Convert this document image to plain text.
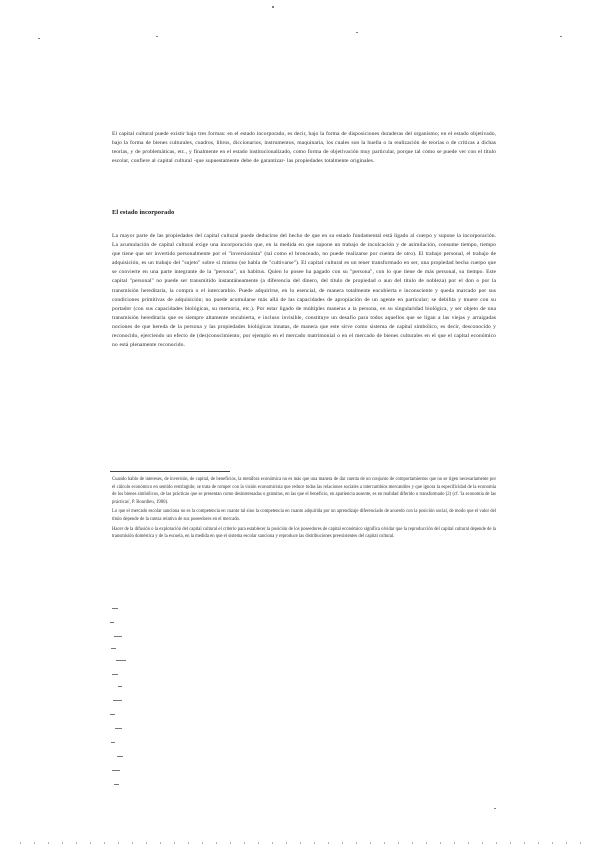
El capital cultural puede existir bajo tres formas: en el estado incorporado, es decir, bajo la forma de disposiciones duraderas del organismo; en el estado objetivado, bajo la forma de bienes culturales, cuadros, libros, diccionarios, instrumentos, maquinaria, los cuales son la huella o la realización de teorías o de críticas a dichas teorías, y de problemáticas, etc., y finalmente en el estado institucionalizado, como forma de objetivación muy particular, porque tal como se puede ver con el título escolar, confiere al capital cultural -que supuestamente debe de garantizar- las propiedades totalmente originales.

El estado incorporado

La mayor parte de las propiedades del capital cultural puede deducirse del hecho de que en su estado fundamental está ligado al cuerpo y supone la incorporación. La acumulación de capital cultural exige una incorporación que, en la medida en que supone un trabajo de inculcación y de asimilación, consume tiempo, tiempo que tiene que ser invertido personalmente por el "inversionista" (tal como el bronceado, no puede realizarse por cuenta de otro). El trabajo personal, el trabajo de adquisición, es un trabajo del "sujeto" sobre sí mismo (se habla de "cultivarse"). El capital cultural es un tener transformado en ser, una propiedad hecha cuerpo que se convierte en una parte integrante de la "persona", un habitus. Quien lo posee ha pagado con su "persona", con lo que tiene de más personal, su tiempo. Este capital "personal" no puede ser transmitido instantáneamente (a diferencia del dinero, del título de propiedad o aun del título de nobleza) por el don o por la transmisión hereditaria, la compra o el intercambio. Puede adquirirse, en lo esencial, de manera totalmente encubierta e inconsciente y queda marcado por sus condiciones primitivas de adquisición; no puede acumularse más allá de las capacidades de apropiación de un agente en particular; se debilita y muere con su portador (con sus capacidades biológicas, su memoria, etc.). Por estar ligado de múltiples maneras a la persona, en su singularidad biológica, y ser objeto de una transmisión hereditaria que es siempre altamente encubierta, e incluso invisible, constituye un desafío para todos aquellos que se ligan a las viejas y arraigadas nociones de que hereda de la persona y las propiedades biológicas innatas, de manera que este sirve como sistema de capital simbólico, es decir, desconocido y reconocido, ejerciendo un efecto de (des)conocimiento, por ejemplo en el mercado matrimonial o en el mercado de bienes culturales en el que el capital económico no está plenamente reconocido.

Cuando hablo de intereses, de inversión, de capital, de beneficios, la metáfora económica no es más que una manera de dar cuenta de un conjunto de comportamientos que no se rigen necesariamente por el cálculo económico en sentido restringido; se trata de romper con la visión economicista que reduce todas las relaciones sociales a intercambios mercantiles y que ignora la especificidad de la economía de los bienes simbólicos, de las prácticas que se presentan como desinteresadas o gratuitas, en las que el beneficio, en apariencia ausente, es en realidad diferido o transformado (2) (cf. 'la economía de las prácticas', P. Bourdieu, 1980).

Lo que el mercado escolar sanciona no es la competencia en cuanto tal sino la competencia en cuanto adquirida por un aprendizaje diferenciado de acuerdo con la posición social, de modo que el valor del título depende de la rareza relativa de sus poseedores en el mercado.

Hacer de la difusión o la explotación del capital cultural el criterio para establecer la posición de los poseedores de capital económico significa olvidar que la reproducción del capital cultural depende de la transmisión doméstica y de la escuela, en la medida en que el sistema escolar sanciona y reproduce las distribuciones preexistentes del capital cultural.
